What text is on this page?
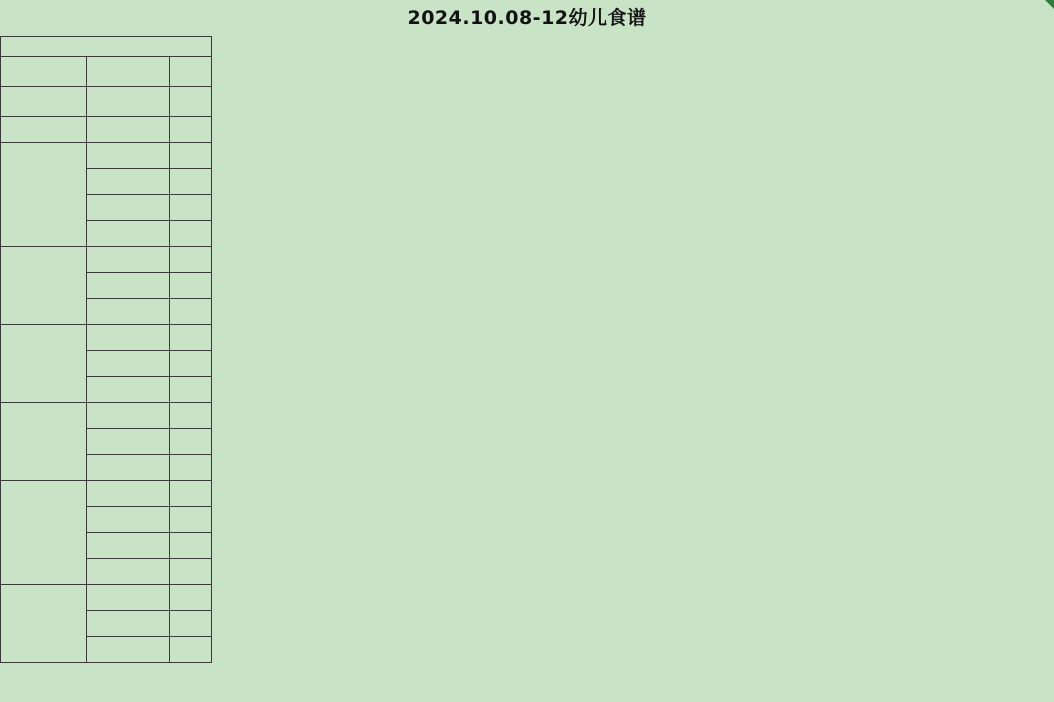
2024.10.08-12幼儿食谱
